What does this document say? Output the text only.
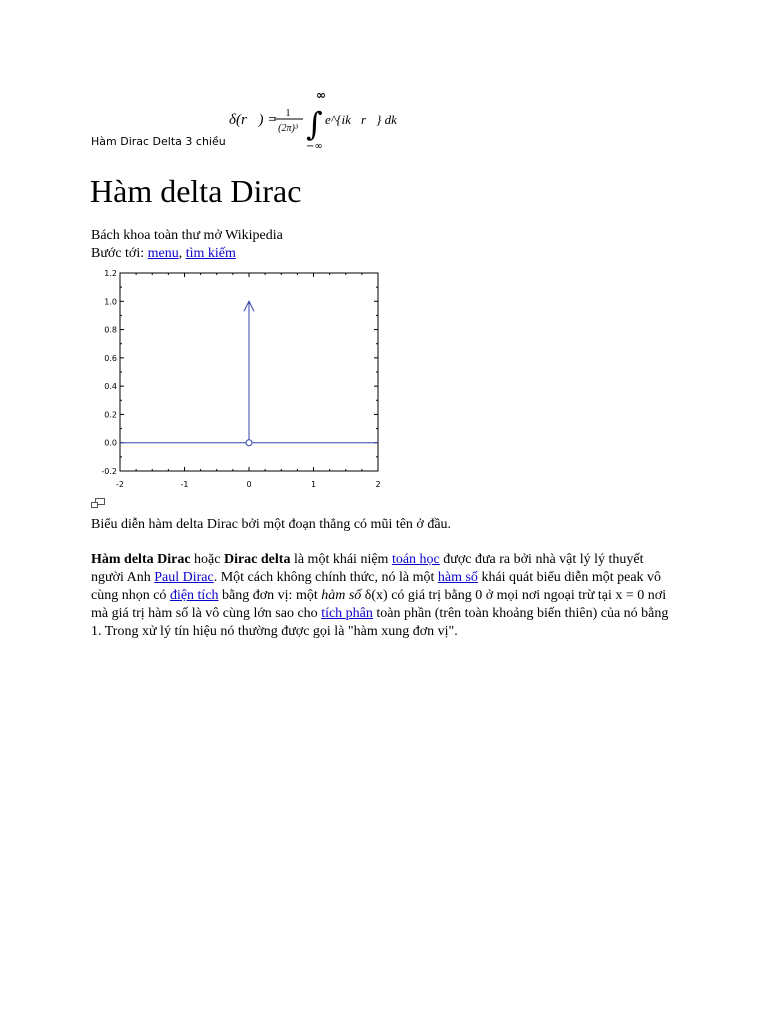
Hàm Dirac Delta 3 chiều
δ(r⃗) = 1
(2π)³ ∫
∞
−∞
e^{ik⃗r⃗} dk⃗
Hàm delta Dirac
Bách khoa toàn thư mở Wikipedia
Bước tới: menu, tìm kiếm
-0.2
0.0
0.2
0.4
0.6
0.8
1.0
1.2
-2	-1	0	1	2
Biểu diễn hàm delta Dirac bởi một đoạn thẳng có mũi tên ở đầu.

Hàm delta Dirac hoặc Dirac delta là một khái niệm toán học được đưa ra bởi nhà vật lý lý thuyết người Anh Paul Dirac. Một cách không chính thức, nó là một hàm số khái quát biểu diễn một peak vô cùng nhọn có điện tích bằng đơn vị: một hàm số δ(x) có giá trị bằng 0 ở mọi nơi ngoại trừ tại x = 0 nơi mà giá trị hàm số là vô cùng lớn sao cho tích phân toàn phần (trên toàn khoảng biến thiên) của nó bằng 1. Trong xử lý tín hiệu nó thường được gọi là "hàm xung đơn vị".
